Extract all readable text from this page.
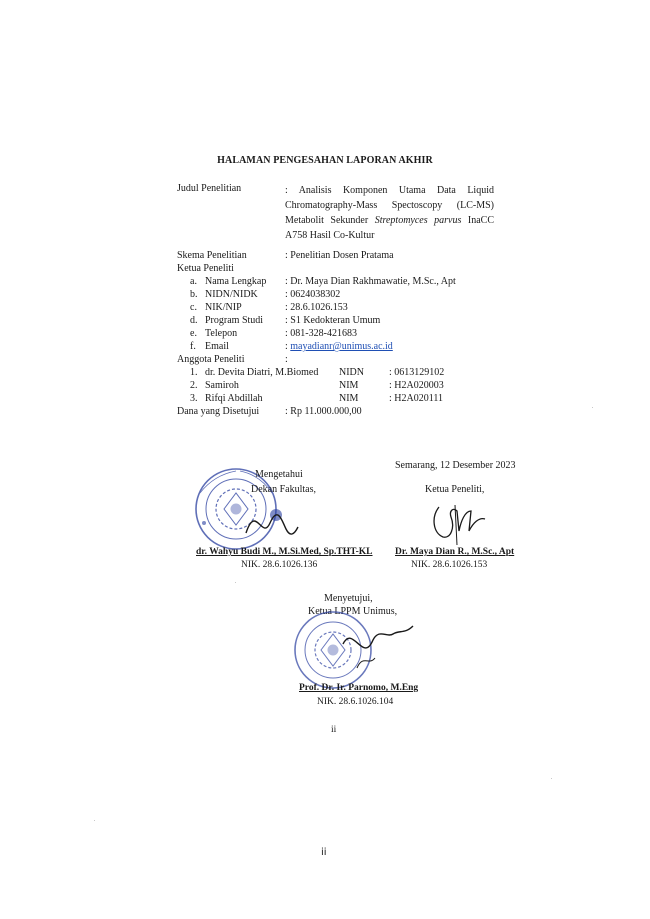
HALAMAN PENGESAHAN LAPORAN AKHIR
Judul Penelitian	: Analisis Komponen Utama Data Liquid Chromatography-Mass Spectoscopy (LC-MS) Metabolit Sekunder Streptomyces parvus InaCC A758 Hasil Co-Kultur
Skema Penelitian	: Penelitian Dosen Pratama
Ketua Peneliti
a. Nama Lengkap : Dr. Maya Dian Rakhmawatie, M.Sc., Apt
b. NIDN/NIDK	: 0624038302
c. NIK/NIP	: 28.6.1026.153
d. Program Studi : S1 Kedokteran Umum
e. Telepon	: 081-328-421683
f. Email	: mayadianr@unimus.ac.id
Anggota Peneliti	:
1. dr. Devita Diatri, M.Biomed NIDN	: 0613129102
2. Samiroh	NIM	: H2A020003
3. Rifqi Abdillah	NIM	: H2A020111
Dana yang Disetujui	: Rp 11.000.000,00
Semarang, 12 Desember 2023
Mengetahui
Dekan Fakultas,
dr. Wahyu Budi M., M.Si.Med, Sp.THT-KL
NIK. 28.6.1026.136
Ketua Peneliti,
Dr. Maya Dian R., M.Sc., Apt
NIK. 28.6.1026.153
Menyetujui,
Ketua LPPM Unimus,
Prof. Dr. Ir. Parnomo, M.Eng
NIK. 28.6.1026.104
ii
ii
